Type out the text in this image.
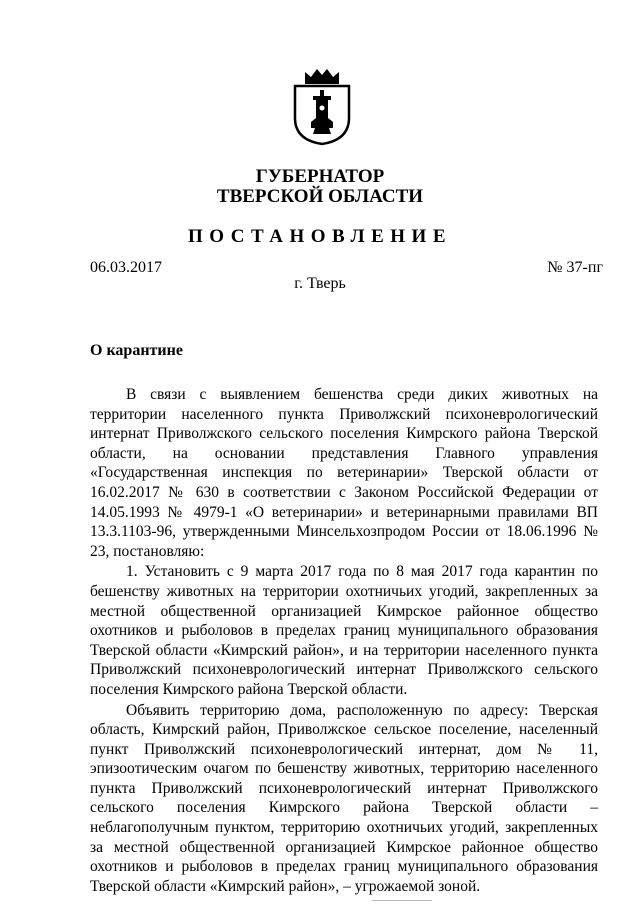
ГУБЕРНАТОР
ТВЕРСКОЙ ОБЛАСТИ
ПОСТАНОВЛЕНИЕ
06.03.2017	№ 37-пг
г. Тверь
О карантине

В связи с выявлением бешенства среди диких животных на территории населенного пункта Приволжский психоневрологический интернат Приволжского сельского поселения Кимрского района Тверской области, на основании представления Главного управления «Государственная инспекция по ветеринарии» Тверской области от 16.02.2017 № 630 в соответствии с Законом Российской Федерации от 14.05.1993 № 4979-1 «О ветеринарии» и ветеринарными правилами ВП 13.3.1103-96, утвержденными Минсельхозпродом России от 18.06.1996 № 23, постановляю:

1. Установить с 9 марта 2017 года по 8 мая 2017 года карантин по бешенству животных на территории охотничьих угодий, закрепленных за местной общественной организацией Кимрское районное общество охотников и рыболовов в пределах границ муниципального образования Тверской области «Кимрский район», и на территории населенного пункта Приволжский психоневрологический интернат Приволжского сельского поселения Кимрского района Тверской области.

Объявить территорию дома, расположенную по адресу: Тверская область, Кимрский район, Приволжское сельское поселение, населенный пункт Приволжский психоневрологический интернат, дом № 11, эпизоотическим очагом по бешенству животных, территорию населенного пункта Приволжский психоневрологический интернат Приволжского сельского поселения Кимрского района Тверской области – неблагополучным пунктом, территорию охотничьих угодий, закрепленных за местной общественной организацией Кимрское районное общество охотников и рыболовов в пределах границ муниципального образования Тверской области «Кимрский район», – угрожаемой зоной.
